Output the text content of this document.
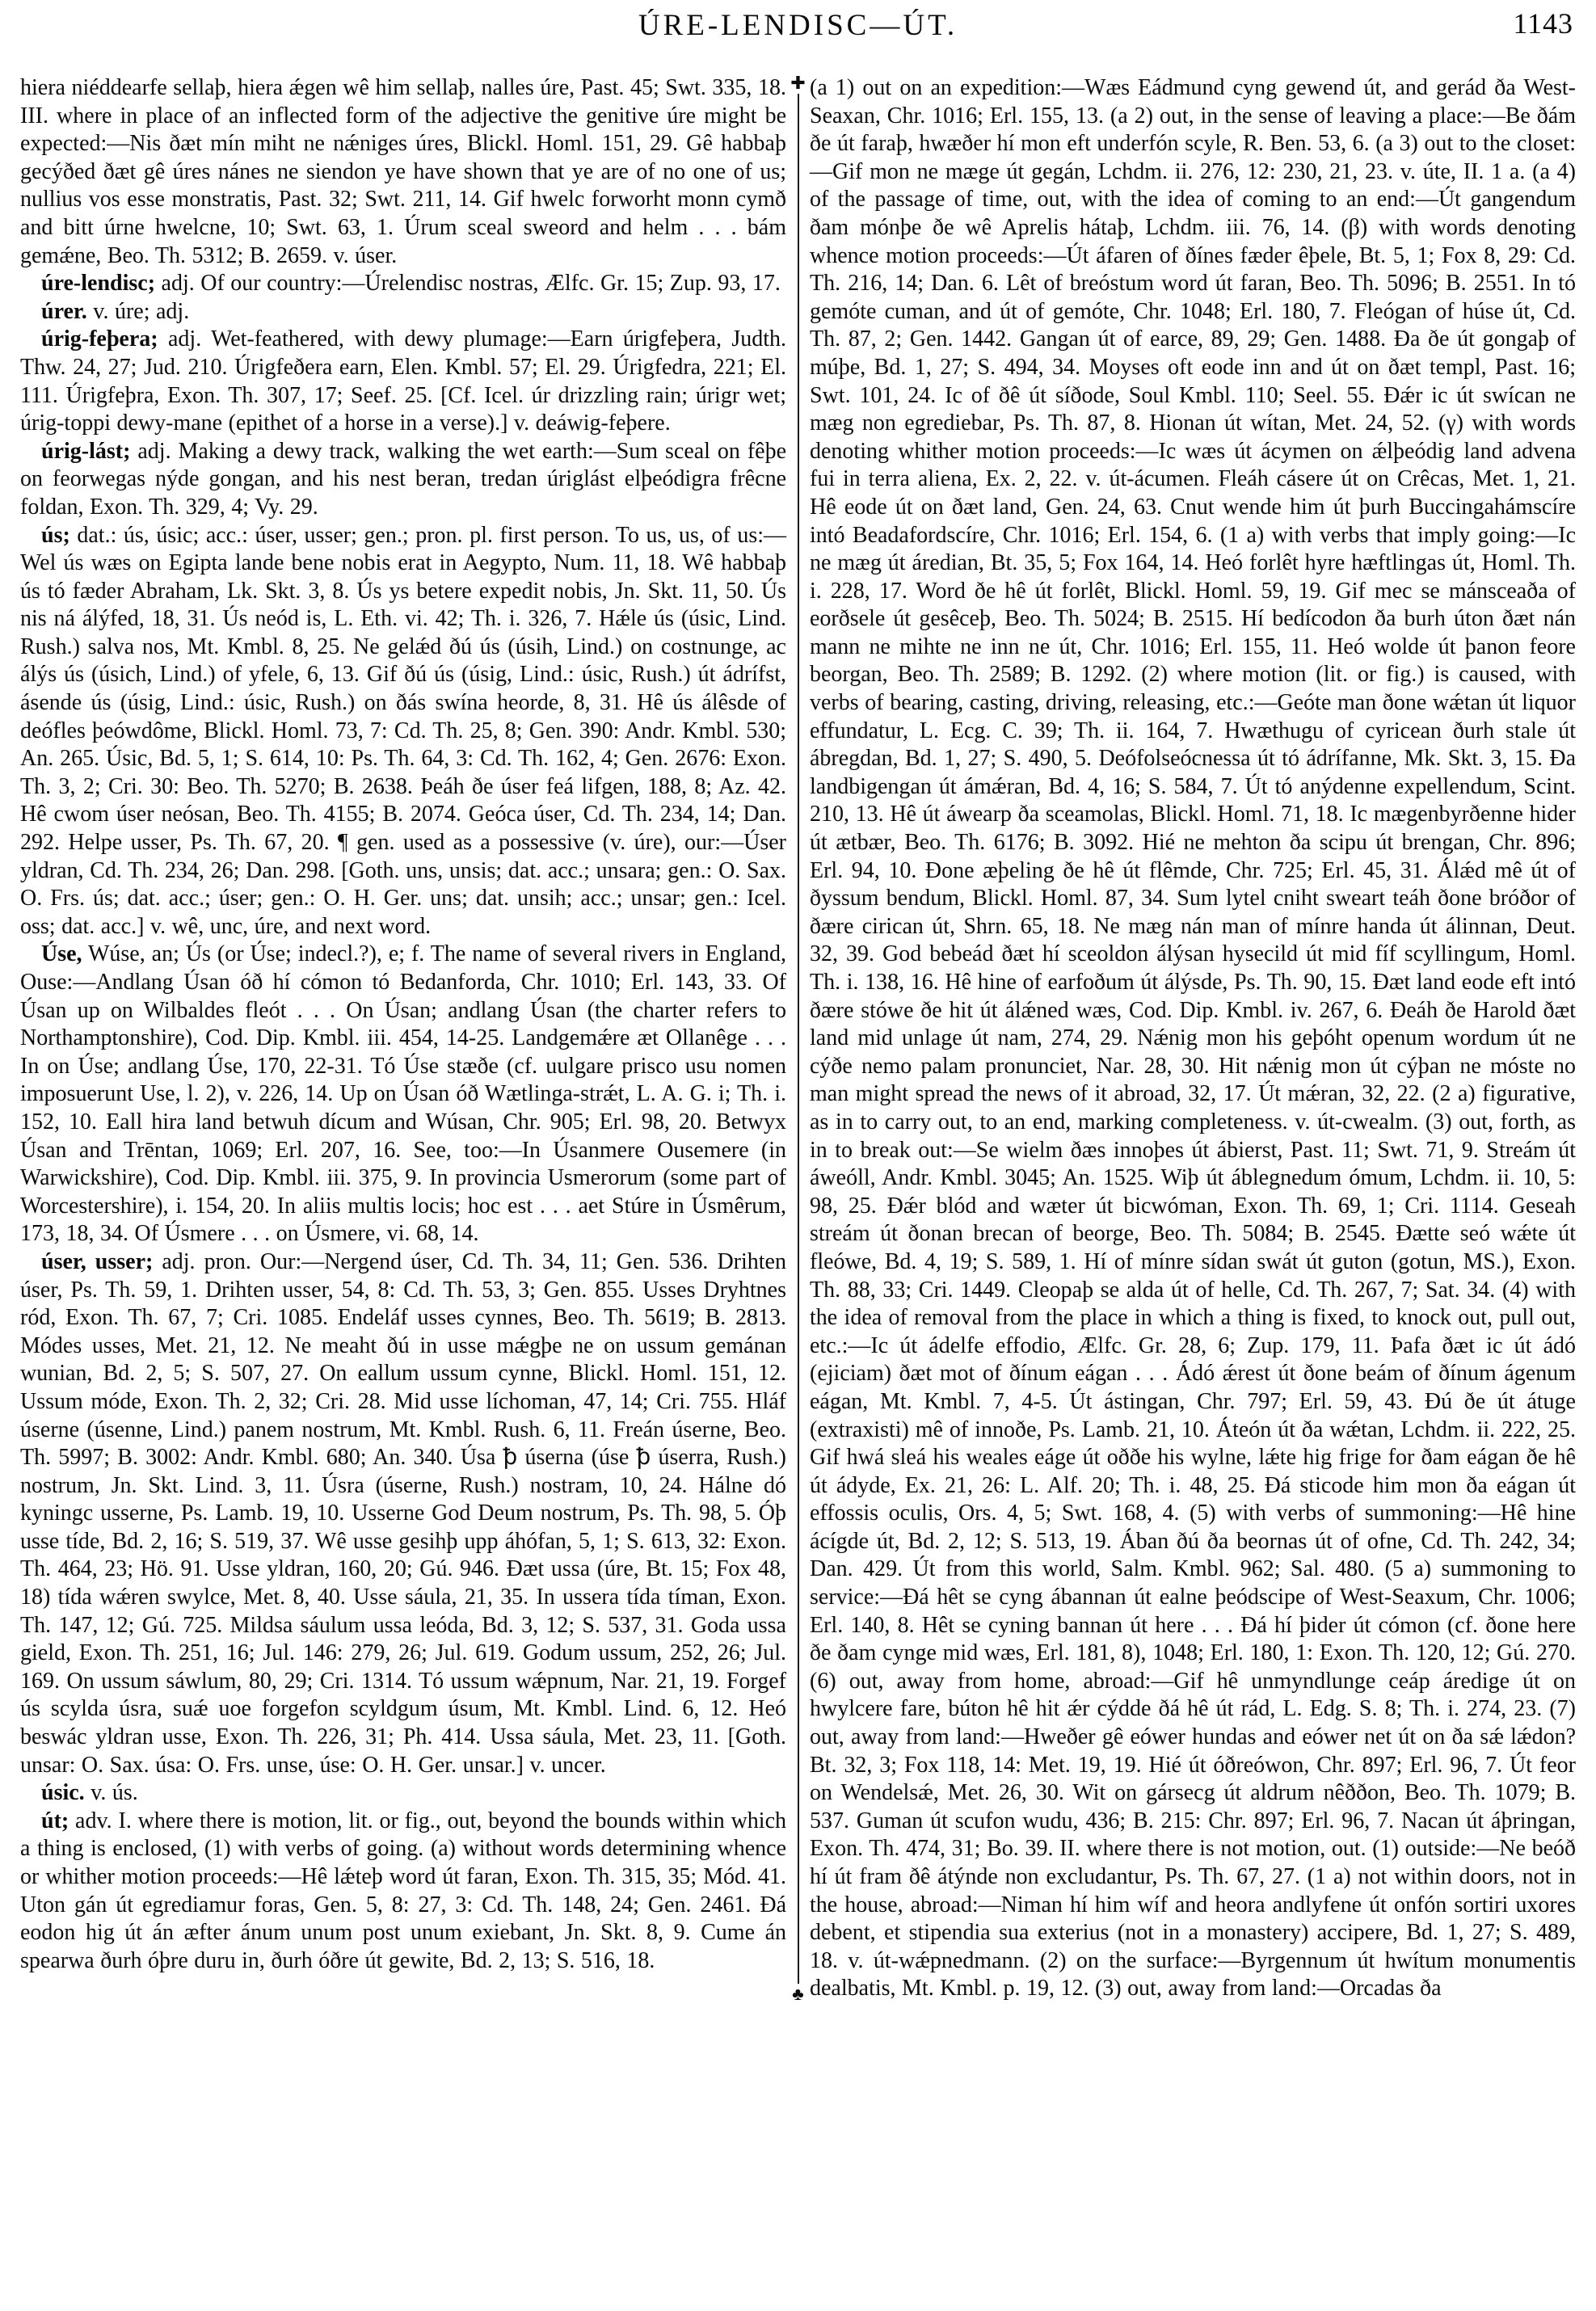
ÚRE-LENDISC—ÚT.	1143

hiera niéddearfe sellaþ, hiera ǽgen wê him sellaþ, nalles úre, Past. 45; Swt. 335, 18. III. where in place of an inflected form of the adjective the genitive úre might be expected:—Nis ðæt mín miht ne nǽniges úres, Blickl. Homl. 151, 29. Gê habbaþ gecýðed ðæt gê úres nánes ne siendon ye have shown that ye are of no one of us; nullius vos esse monstratis, Past. 32; Swt. 211, 14. Gif hwelc forworht monn cymð and bitt úrne hwelcne, 10; Swt. 63, 1. Úrum sceal sweord and helm . . . bám gemǽne, Beo. Th. 5312; B. 2659. v. úser.

úre-lendisc; adj. Of our country:—Úrelendisc nostras, Ælfc. Gr. 15; Zup. 93, 17.

úrer. v. úre; adj.

úrig-feþera; adj. Wet-feathered, with dewy plumage:—Earn úrigfeþera, Judth. Thw. 24, 27; Jud. 210. Úrigfeðera earn, Elen. Kmbl. 57; El. 29. Úrigfedra, 221; El. 111. Úrigfeþra, Exon. Th. 307, 17; Seef. 25. [Cf. Icel. úr drizzling rain; úrigr wet; úrig-toppi dewy-mane (epithet of a horse in a verse).] v. deáwig-feþere.

úrig-lást; adj. Making a dewy track, walking the wet earth:—Sum sceal on fêþe on feorwegas nýde gongan, and his nest beran, tredan úriglást elþeódigra frêcne foldan, Exon. Th. 329, 4; Vy. 29.

ús; dat.: ús, úsic; acc.: úser, usser; gen.; pron. pl. first person. To us, us, of us:—Wel ús wæs on Egipta lande bene nobis erat in Aegypto, Num. 11, 18. Wê habbaþ ús tó fæder Abraham, Lk. Skt. 3, 8. Ús ys betere expedit nobis, Jn. Skt. 11, 50. Ús nis ná álýfed, 18, 31. Ús neód is, L. Eth. vi. 42; Th. i. 326, 7. Hǽle ús (úsic, Lind. Rush.) salva nos, Mt. Kmbl. 8, 25. Ne gelǽd ðú ús (úsih, Lind.) on costnunge, ac álýs ús (úsich, Lind.) of yfele, 6, 13. Gif ðú ús (úsig, Lind.: úsic, Rush.) út ádrífst, ásende ús (úsig, Lind.: úsic, Rush.) on ðás swína heorde, 8, 31. Hê ús álêsde of deófles þeówdôme, Blickl. Homl. 73, 7: Cd. Th. 25, 8; Gen. 390: Andr. Kmbl. 530; An. 265. Úsic, Bd. 5, 1; S. 614, 10: Ps. Th. 64, 3: Cd. Th. 162, 4; Gen. 2676: Exon. Th. 3, 2; Cri. 30: Beo. Th. 5270; B. 2638. Þeáh ðe úser feá lifgen, 188, 8; Az. 42. Hê cwom úser neósan, Beo. Th. 4155; B. 2074. Geóca úser, Cd. Th. 234, 14; Dan. 292. Helpe usser, Ps. Th. 67, 20. ¶ gen. used as a possessive (v. úre), our:—Úser yldran, Cd. Th. 234, 26; Dan. 298. [Goth. uns, unsis; dat. acc.; unsara; gen.: O. Sax. O. Frs. ús; dat. acc.; úser; gen.: O. H. Ger. uns; dat. unsih; acc.; unsar; gen.: Icel. oss; dat. acc.] v. wê, unc, úre, and next word.

Úse, Wúse, an; Ús (or Úse; indecl.?), e; f. The name of several rivers in England, Ouse:—Andlang Úsan óð hí cómon tó Bedanforda, Chr. 1010; Erl. 143, 33. Of Úsan up on Wilbaldes fleót . . . On Úsan; andlang Úsan (the charter refers to Northamptonshire), Cod. Dip. Kmbl. iii. 454, 14-25. Landgemǽre æt Ollanêge . . . In on Úse; andlang Úse, 170, 22-31. Tó Úse stæðe (cf. uulgare prisco usu nomen imposuerunt Use, l. 2), v. 226, 14. Up on Úsan óð Wætlinga-strǽt, L. A. G. i; Th. i. 152, 10. Eall hira land betwuh dícum and Wúsan, Chr. 905; Erl. 98, 20. Betwyx Úsan and Trēntan, 1069; Erl. 207, 16. See, too:—In Úsanmere Ousemere (in Warwickshire), Cod. Dip. Kmbl. iii. 375, 9. In provincia Usmerorum (some part of Worcestershire), i. 154, 20. In aliis multis locis; hoc est . . . aet Stúre in Úsmêrum, 173, 18, 34. Of Úsmere . . . on Úsmere, vi. 68, 14.

úser, usser; adj. pron. Our:—Nergend úser, Cd. Th. 34, 11; Gen. 536. Drihten úser, Ps. Th. 59, 1. Drihten usser, 54, 8: Cd. Th. 53, 3; Gen. 855. Usses Dryhtnes ród, Exon. Th. 67, 7; Cri. 1085. Endeláf usses cynnes, Beo. Th. 5619; B. 2813. Módes usses, Met. 21, 12. Ne meaht ðú in usse mǽgþe ne on ussum gemánan wunian, Bd. 2, 5; S. 507, 27. On eallum ussum cynne, Blickl. Homl. 151, 12. Ussum móde, Exon. Th. 2, 32; Cri. 28. Mid usse líchoman, 47, 14; Cri. 755. Hláf úserne (úsenne, Lind.) panem nostrum, Mt. Kmbl. Rush. 6, 11. Freán úserne, Beo. Th. 5997; B. 3002: Andr. Kmbl. 680; An. 340. Úsa ꝥ úserna (úse ꝥ úserra, Rush.) nostrum, Jn. Skt. Lind. 3, 11. Úsra (úserne, Rush.) nostram, 10, 24. Hálne dó kyningc usserne, Ps. Lamb. 19, 10. Usserne God Deum nostrum, Ps. Th. 98, 5. Óþ usse tíde, Bd. 2, 16; S. 519, 37. Wê usse gesihþ upp áhófan, 5, 1; S. 613, 32: Exon. Th. 464, 23; Hö. 91. Usse yldran, 160, 20; Gú. 946. Ðæt ussa (úre, Bt. 15; Fox 48, 18) tída wǽren swylce, Met. 8, 40. Usse sáula, 21, 35. In ussera tída tíman, Exon. Th. 147, 12; Gú. 725. Mildsa sáulum ussa leóda, Bd. 3, 12; S. 537, 31. Goda ussa gield, Exon. Th. 251, 16; Jul. 146: 279, 26; Jul. 619. Godum ussum, 252, 26; Jul. 169. On ussum sáwlum, 80, 29; Cri. 1314. Tó ussum wǽpnum, Nar. 21, 19. Forgef ús scylda úsra, suǽ uoe forgefon scyldgum úsum, Mt. Kmbl. Lind. 6, 12. Heó beswác yldran usse, Exon. Th. 226, 31; Ph. 414. Ussa sáula, Met. 23, 11. [Goth. unsar: O. Sax. úsa: O. Frs. unse, úse: O. H. Ger. unsar.] v. uncer.

úsic. v. ús.

út; adv. I. where there is motion, lit. or fig., out, beyond the bounds within which a thing is enclosed, (1) with verbs of going. (a) without words determining whence or whither motion proceeds:—Hê lǽteþ word út faran, Exon. Th. 315, 35; Mód. 41. Uton gán út egrediamur foras, Gen. 5, 8: 27, 3: Cd. Th. 148, 24; Gen. 2461. Ðá eodon hig út án æfter ánum unum post unum exiebant, Jn. Skt. 8, 9. Cume án spearwa ðurh óþre duru in, ðurh óðre út gewite, Bd. 2, 13; S. 516, 18.

✚
♣

(a 1) out on an expedition:—Wæs Eádmund cyng gewend út, and gerád ða West-Seaxan, Chr. 1016; Erl. 155, 13. (a 2) out, in the sense of leaving a place:—Be ðám ðe út faraþ, hwæðer hí mon eft underfón scyle, R. Ben. 53, 6. (a 3) out to the closet:—Gif mon ne mæge út gegán, Lchdm. ii. 276, 12: 230, 21, 23. v. úte, II. 1 a. (a 4) of the passage of time, out, with the idea of coming to an end:—Út gangendum ðam mónþe ðe wê Aprelis hátaþ, Lchdm. iii. 76, 14. (β) with words denoting whence motion proceeds:—Út áfaren of ðínes fæder êþele, Bt. 5, 1; Fox 8, 29: Cd. Th. 216, 14; Dan. 6. Lêt of breóstum word út faran, Beo. Th. 5096; B. 2551. In tó gemóte cuman, and út of gemóte, Chr. 1048; Erl. 180, 7. Fleógan of húse út, Cd. Th. 87, 2; Gen. 1442. Gangan út of earce, 89, 29; Gen. 1488. Ða ðe út gongaþ of múþe, Bd. 1, 27; S. 494, 34. Moyses oft eode inn and út on ðæt templ, Past. 16; Swt. 101, 24. Ic of ðê út síðode, Soul Kmbl. 110; Seel. 55. Ðǽr ic út swícan ne mæg non egrediebar, Ps. Th. 87, 8. Hionan út wítan, Met. 24, 52. (γ) with words denoting whither motion proceeds:—Ic wæs út ácymen on ǽlþeódig land advena fui in terra aliena, Ex. 2, 22. v. út-ácumen. Fleáh cásere út on Crêcas, Met. 1, 21. Hê eode út on ðæt land, Gen. 24, 63. Cnut wende him út þurh Buccingahámscíre intó Beadafordscíre, Chr. 1016; Erl. 154, 6. (1 a) with verbs that imply going:—Ic ne mæg út áredian, Bt. 35, 5; Fox 164, 14. Heó forlêt hyre hæftlingas út, Homl. Th. i. 228, 17. Word ðe hê út forlêt, Blickl. Homl. 59, 19. Gif mec se mánsceaða of eorðsele út gesêceþ, Beo. Th. 5024; B. 2515. Hí bedícodon ða burh úton ðæt nán mann ne mihte ne inn ne út, Chr. 1016; Erl. 155, 11. Heó wolde út þanon feore beorgan, Beo. Th. 2589; B. 1292. (2) where motion (lit. or fig.) is caused, with verbs of bearing, casting, driving, releasing, etc.:—Geóte man ðone wǽtan út liquor effundatur, L. Ecg. C. 39; Th. ii. 164, 7. Hwæthugu of cyricean ðurh stale út ábregdan, Bd. 1, 27; S. 490, 5. Deófolseócnessa út tó ádrífanne, Mk. Skt. 3, 15. Ða landbigengan út ámǽran, Bd. 4, 16; S. 584, 7. Út tó anýdenne expellendum, Scint. 210, 13. Hê út áwearp ða sceamolas, Blickl. Homl. 71, 18. Ic mægenbyrðenne hider út ætbær, Beo. Th. 6176; B. 3092. Hié ne mehton ða scipu út brengan, Chr. 896; Erl. 94, 10. Ðone æþeling ðe hê út flêmde, Chr. 725; Erl. 45, 31. Álǽd mê út of ðyssum bendum, Blickl. Homl. 87, 34. Sum lytel cniht sweart teáh ðone bróðor of ðære cirican út, Shrn. 65, 18. Ne mæg nán man of mínre handa út álinnan, Deut. 32, 39. God bebeád ðæt hí sceoldon álýsan hysecild út mid fíf scyllingum, Homl. Th. i. 138, 16. Hê hine of earfoðum út álýsde, Ps. Th. 90, 15. Ðæt land eode eft intó ðære stówe ðe hit út álǽned wæs, Cod. Dip. Kmbl. iv. 267, 6. Ðeáh ðe Harold ðæt land mid unlage út nam, 274, 29. Nǽnig mon his geþóht openum wordum út ne cýðe nemo palam pronunciet, Nar. 28, 30. Hit nǽnig mon út cýþan ne móste no man might spread the news of it abroad, 32, 17. Út mǽran, 32, 22. (2 a) figurative, as in to carry out, to an end, marking completeness. v. út-cwealm. (3) out, forth, as in to break out:—Se wielm ðæs innoþes út ábierst, Past. 11; Swt. 71, 9. Streám út áweóll, Andr. Kmbl. 3045; An. 1525. Wiþ út áblegnedum ómum, Lchdm. ii. 10, 5: 98, 25. Ðǽr blód and wæter út bicwóman, Exon. Th. 69, 1; Cri. 1114. Geseah streám út ðonan brecan of beorge, Beo. Th. 5084; B. 2545. Ðætte seó wǽte út fleówe, Bd. 4, 19; S. 589, 1. Hí of mínre sídan swát út guton (gotun, MS.), Exon. Th. 88, 33; Cri. 1449. Cleopaþ se alda út of helle, Cd. Th. 267, 7; Sat. 34. (4) with the idea of removal from the place in which a thing is fixed, to knock out, pull out, etc.:—Ic út ádelfe effodio, Ælfc. Gr. 28, 6; Zup. 179, 11. Þafa ðæt ic út ádó (ejiciam) ðæt mot of ðínum eágan . . . Ádó ǽrest út ðone beám of ðínum ágenum eágan, Mt. Kmbl. 7, 4-5. Út ástingan, Chr. 797; Erl. 59, 43. Ðú ðe út átuge (extraxisti) mê of innoðe, Ps. Lamb. 21, 10. Áteón út ða wǽtan, Lchdm. ii. 222, 25. Gif hwá sleá his weales eáge út oððe his wylne, lǽte hig frige for ðam eágan ðe hê út ádyde, Ex. 21, 26: L. Alf. 20; Th. i. 48, 25. Ðá sticode him mon ða eágan út effossis oculis, Ors. 4, 5; Swt. 168, 4. (5) with verbs of summoning:—Hê hine ácígde út, Bd. 2, 12; S. 513, 19. Ában ðú ða beornas út of ofne, Cd. Th. 242, 34; Dan. 429. Út from this world, Salm. Kmbl. 962; Sal. 480. (5 a) summoning to service:—Ðá hêt se cyng ábannan út ealne þeódscipe of West-Seaxum, Chr. 1006; Erl. 140, 8. Hêt se cyning bannan út here . . . Ðá hí þider út cómon (cf. ðone here ðe ðam cynge mid wæs, Erl. 181, 8), 1048; Erl. 180, 1: Exon. Th. 120, 12; Gú. 270. (6) out, away from home, abroad:—Gif hê unmyndlunge ceáp áredige út on hwylcere fare, búton hê hit ǽr cýdde ðá hê út rád, L. Edg. S. 8; Th. i. 274, 23. (7) out, away from land:—Hweðer gê eówer hundas and eówer net út on ða sǽ lǽdon? Bt. 32, 3; Fox 118, 14: Met. 19, 19. Hié út óðreówon, Chr. 897; Erl. 96, 7. Út feor on Wendelsǽ, Met. 26, 30. Wit on gársecg út aldrum nêððon, Beo. Th. 1079; B. 537. Guman út scufon wudu, 436; B. 215: Chr. 897; Erl. 96, 7. Nacan út áþringan, Exon. Th. 474, 31; Bo. 39. II. where there is not motion, out. (1) outside:—Ne beóð hí út fram ðê átýnde non excludantur, Ps. Th. 67, 27. (1 a) not within doors, not in the house, abroad:—Niman hí him wíf and heora andlyfene út onfón sortiri uxores debent, et stipendia sua exterius (not in a monastery) accipere, Bd. 1, 27; S. 489, 18. v. út-wǽpnedmann. (2) on the surface:—Byrgennum út hwítum monumentis dealbatis, Mt. Kmbl. p. 19, 12. (3) out, away from land:—Orcadas ða
